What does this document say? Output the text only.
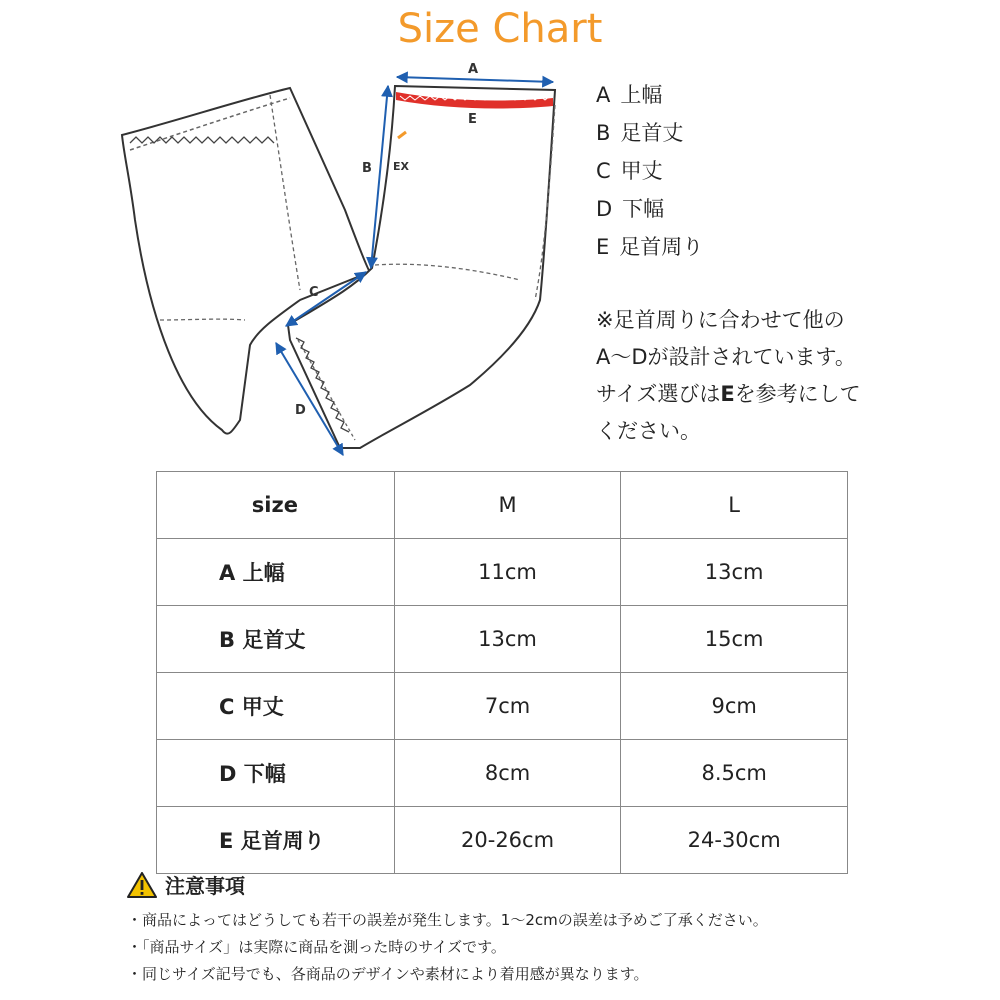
Size Chart
EX
A
E
B
C
D
A 上幅
B 足首丈
C 甲丈
D 下幅
E 足首周り
※足首周りに合わせて他の
A〜Dが設計されています。
サイズ選びはEを参考にして
ください。
size	M	L
A 上幅	11cm	13cm
B 足首丈	13cm	15cm
C 甲丈	7cm	9cm
D 下幅	8cm	8.5cm
E 足首周り	20-26cm	24-30cm
注意事項
・商品によってはどうしても若干の誤差が発生します。1〜2cmの誤差は予めご了承ください。
・「商品サイズ」は実際に商品を測った時のサイズです。
・同じサイズ記号でも、各商品のデザインや素材により着用感が異なります。
